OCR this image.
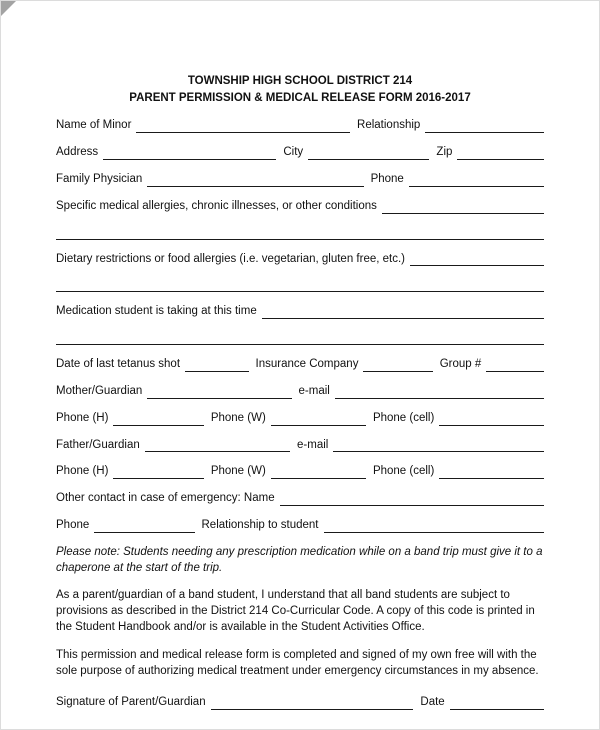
TOWNSHIP HIGH SCHOOL DISTRICT 214
PARENT PERMISSION & MEDICAL RELEASE FORM 2016-2017
Name of Minor	Relationship
Address	City	Zip
Family Physician	Phone
Specific medical allergies, chronic illnesses, or other conditions
Dietary restrictions or food allergies (i.e. vegetarian, gluten free, etc.)
Medication student is taking at this time
Date of last tetanus shot	Insurance Company	Group #
Mother/Guardian	e-mail
Phone (H)	Phone (W)	Phone (cell)
Father/Guardian	e-mail
Phone (H)	Phone (W)	Phone (cell)
Other contact in case of emergency: Name
Phone	Relationship to student

Please note: Students needing any prescription medication while on a band trip must give it to a chaperone at the start of the trip.

As a parent/guardian of a band student, I understand that all band students are subject to provisions as described in the District 214 Co-Curricular Code. A copy of this code is printed in the Student Handbook and/or is available in the Student Activities Office.

This permission and medical release form is completed and signed of my own free will with the sole purpose of authorizing medical treatment under emergency circumstances in my absence.

Signature of Parent/Guardian	Date
